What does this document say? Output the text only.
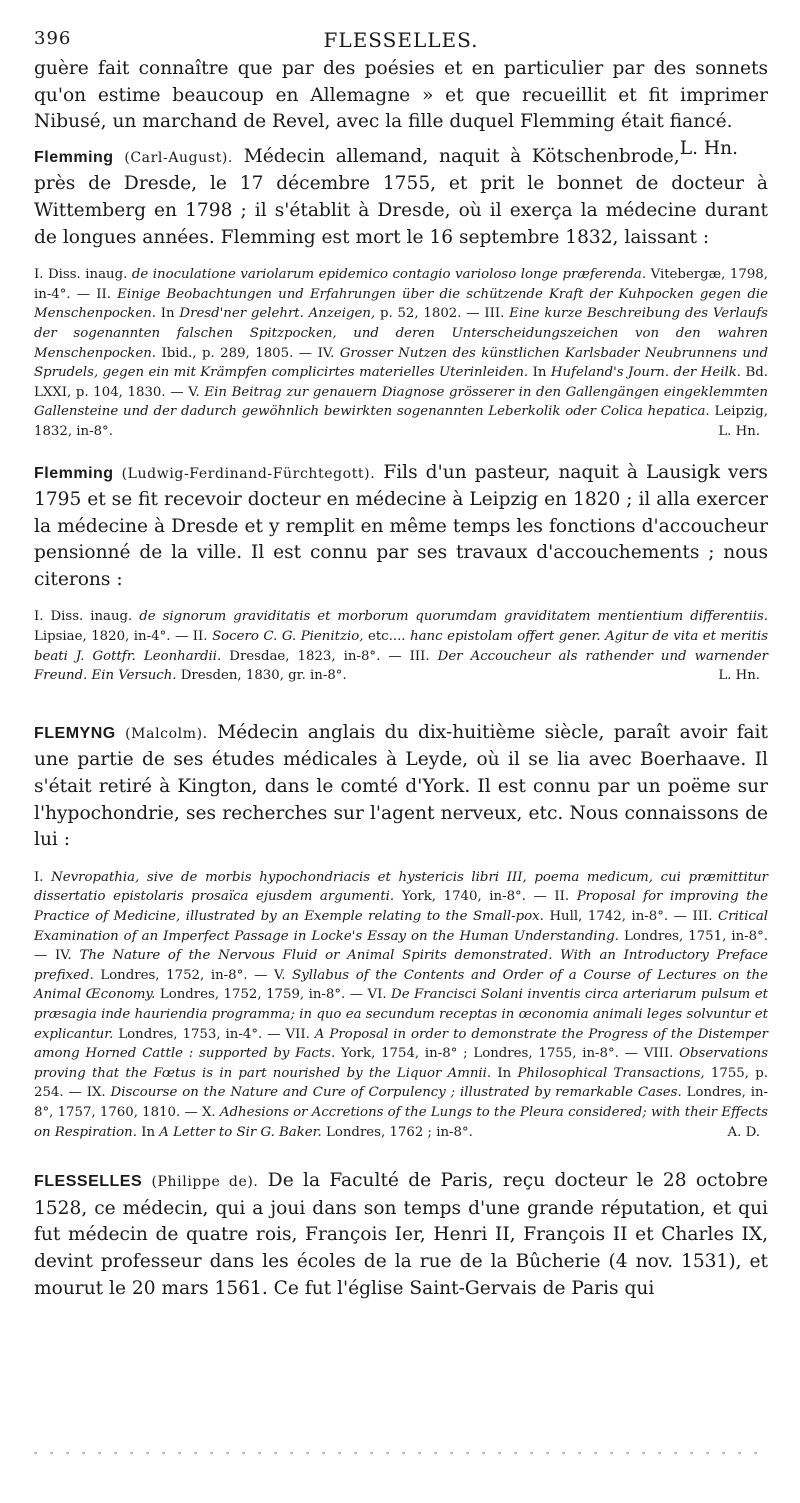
396	FLESSELLES.

guère fait connaître que par des poésies et en particulier par des sonnets qu'on estime beaucoup en Allemagne » et que recueillit et fit imprimer Nibusé, un marchand de Revel, avec la fille duquel Flemming était fiancé.
L. Hn.

Flemming (Carl-August). Médecin allemand, naquit à Kötschenbrode, près de Dresde, le 17 décembre 1755, et prit le bonnet de docteur à Wittemberg en 1798 ; il s'établit à Dresde, où il exerça la médecine durant de longues années. Flemming est mort le 16 septembre 1832, laissant :

I. Diss. inaug. de inoculatione variolarum epidemico contagio varioloso longe præferenda. Vitebergæ, 1798, in-4°. — II. Einige Beobachtungen und Erfahrungen über die schützende Kraft der Kuhpocken gegen die Menschenpocken. In Dresd'ner gelehrt. Anzeigen, p. 52, 1802. — III. Eine kurze Beschreibung des Verlaufs der sogenannten falschen Spitzpocken, und deren Unterscheidungszeichen von den wahren Menschenpocken. Ibid., p. 289, 1805. — IV. Grosser Nutzen des künstlichen Karlsbader Neubrunnens und Sprudels, gegen ein mit Krämpfen complicirtes materielles Uterinleiden. In Hufeland's Journ. der Heilk. Bd. LXXI, p. 104, 1830. — V. Ein Beitrag zur genauern Diagnose grösserer in den Gallengängen eingeklemmten Gallensteine und der dadurch gewöhnlich bewirkten sogenannten Leberkolik oder Colica hepatica. Leipzig, 1832, in-8°.	L. Hn.

Flemming (Ludwig-Ferdinand-Fürchtegott). Fils d'un pasteur, naquit à Lausigk vers 1795 et se fit recevoir docteur en médecine à Leipzig en 1820 ; il alla exercer la médecine à Dresde et y remplit en même temps les fonctions d'accoucheur pensionné de la ville. Il est connu par ses travaux d'accouchements ; nous citerons :

I. Diss. inaug. de signorum graviditatis et morborum quorumdam graviditatem mentientium differentiis. Lipsiae, 1820, in-4°. — II. Socero C. G. Pienitzio, etc.... hanc epistolam offert gener. Agitur de vita et meritis beati J. Gottfr. Leonhardii. Dresdae, 1823, in-8°. — III. Der Accoucheur als rathender und warnender Freund. Ein Versuch. Dresden, 1830, gr. in-8°.	L. Hn.

FLEMYNG (Malcolm). Médecin anglais du dix-huitième siècle, paraît avoir fait une partie de ses études médicales à Leyde, où il se lia avec Boerhaave. Il s'était retiré à Kington, dans le comté d'York. Il est connu par un poëme sur l'hypochondrie, ses recherches sur l'agent nerveux, etc. Nous connaissons de lui :

I. Nevropathia, sive de morbis hypochondriacis et hystericis libri III, poema medicum, cui præmittitur dissertatio epistolaris prosaïca ejusdem argumenti. York, 1740, in-8°. — II. Proposal for improving the Practice of Medicine, illustrated by an Exemple relating to the Small-pox. Hull, 1742, in-8°. — III. Critical Examination of an Imperfect Passage in Locke's Essay on the Human Understanding. Londres, 1751, in-8°. — IV. The Nature of the Nervous Fluid or Animal Spirits demonstrated. With an Introductory Preface prefixed. Londres, 1752, in-8°. — V. Syllabus of the Contents and Order of a Course of Lectures on the Animal Œconomy. Londres, 1752, 1759, in-8°. — VI. De Francisci Solani inventis circa arteriarum pulsum et præsagia inde hauriendia programma; in quo ea secundum receptas in œconomia animali leges solvuntur et explicantur. Londres, 1753, in-4°. — VII. A Proposal in order to demonstrate the Progress of the Distemper among Horned Cattle : supported by Facts. York, 1754, in-8° ; Londres, 1755, in-8°. — VIII. Observations proving that the Fœtus is in part nourished by the Liquor Amnii. In Philosophical Transactions, 1755, p. 254. — IX. Discourse on the Nature and Cure of Corpulency ; illustrated by remarkable Cases. Londres, in-8°, 1757, 1760, 1810. — X. Adhesions or Accretions of the Lungs to the Pleura considered; with their Effects on Respiration. In A Letter to Sir G. Baker. Londres, 1762 ; in-8°.	A. D.

FLESSELLES (Philippe de). De la Faculté de Paris, reçu docteur le 28 octobre 1528, ce médecin, qui a joui dans son temps d'une grande réputation, et qui fut médecin de quatre rois, François Ier, Henri II, François II et Charles IX, devint professeur dans les écoles de la rue de la Bûcherie (4 nov. 1531), et mourut le 20 mars 1561. Ce fut l'église Saint-Gervais de Paris qui
